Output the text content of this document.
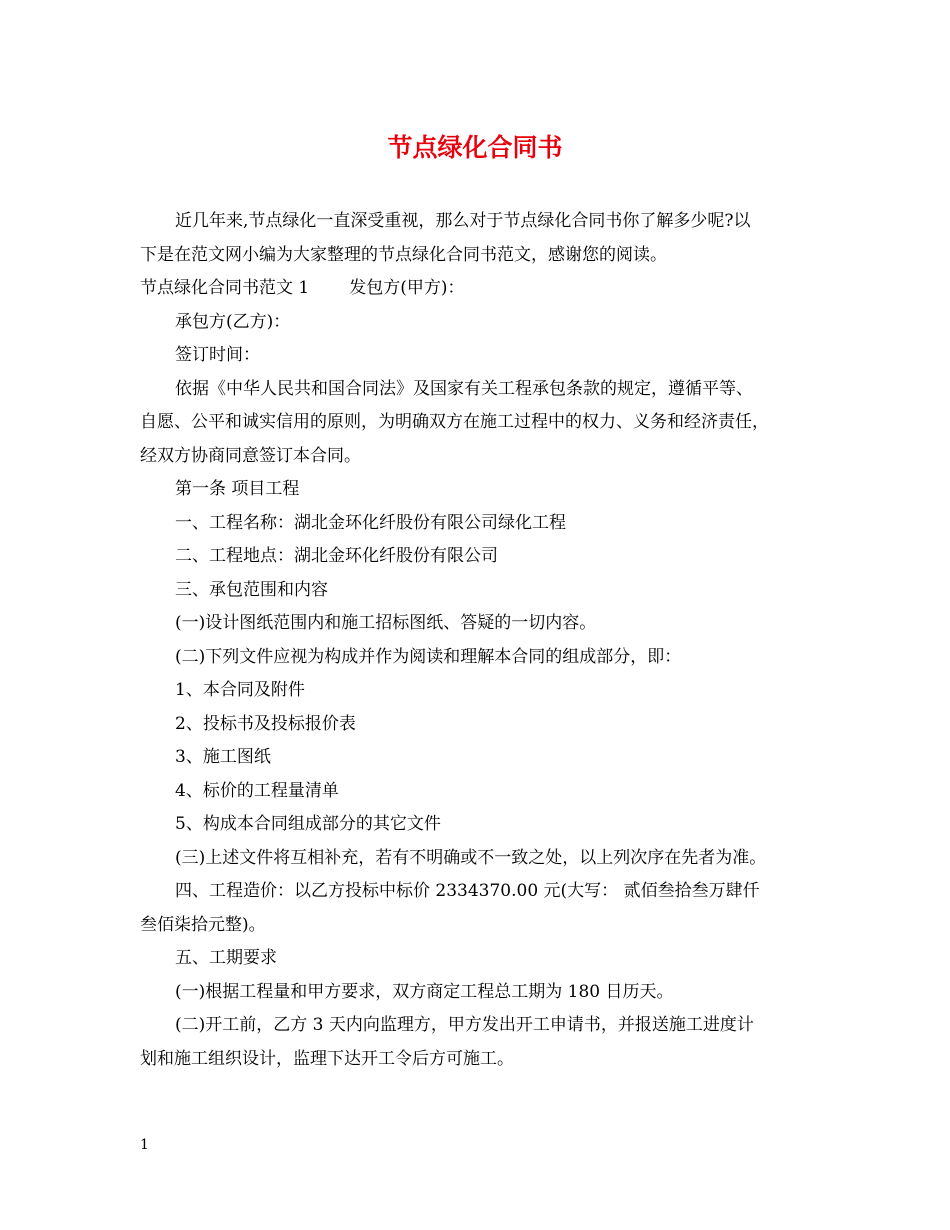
节点绿化合同书

近几年来,节点绿化一直深受重视，那么对于节点绿化合同书你了解多少呢?以

下是在范文网小编为大家整理的节点绿化合同书范文，感谢您的阅读。

节点绿化合同书范文 1 发包方(甲方)：

承包方(乙方)：

签订时间：

依据《中华人民共和国合同法》及国家有关工程承包条款的规定，遵循平等、

自愿、公平和诚实信用的原则，为明确双方在施工过程中的权力、义务和经济责任，

经双方协商同意签订本合同。

第一条 项目工程

一、工程名称：湖北金环化纤股份有限公司绿化工程

二、工程地点：湖北金环化纤股份有限公司

三、承包范围和内容

(一)设计图纸范围内和施工招标图纸、答疑的一切内容。

(二)下列文件应视为构成并作为阅读和理解本合同的组成部分，即：

1、本合同及附件

2、投标书及投标报价表

3、施工图纸

4、标价的工程量清单

5、构成本合同组成部分的其它文件

(三)上述文件将互相补充，若有不明确或不一致之处，以上列次序在先者为准。

四、工程造价：以乙方投标中标价 2334370.00 元(大写： 贰佰叁拾叁万肆仟

叁佰柒拾元整)。

五、工期要求

(一)根据工程量和甲方要求，双方商定工程总工期为 180 日历天。

(二)开工前，乙方 3 天内向监理方，甲方发出开工申请书，并报送施工进度计

划和施工组织设计，监理下达开工令后方可施工。

1
